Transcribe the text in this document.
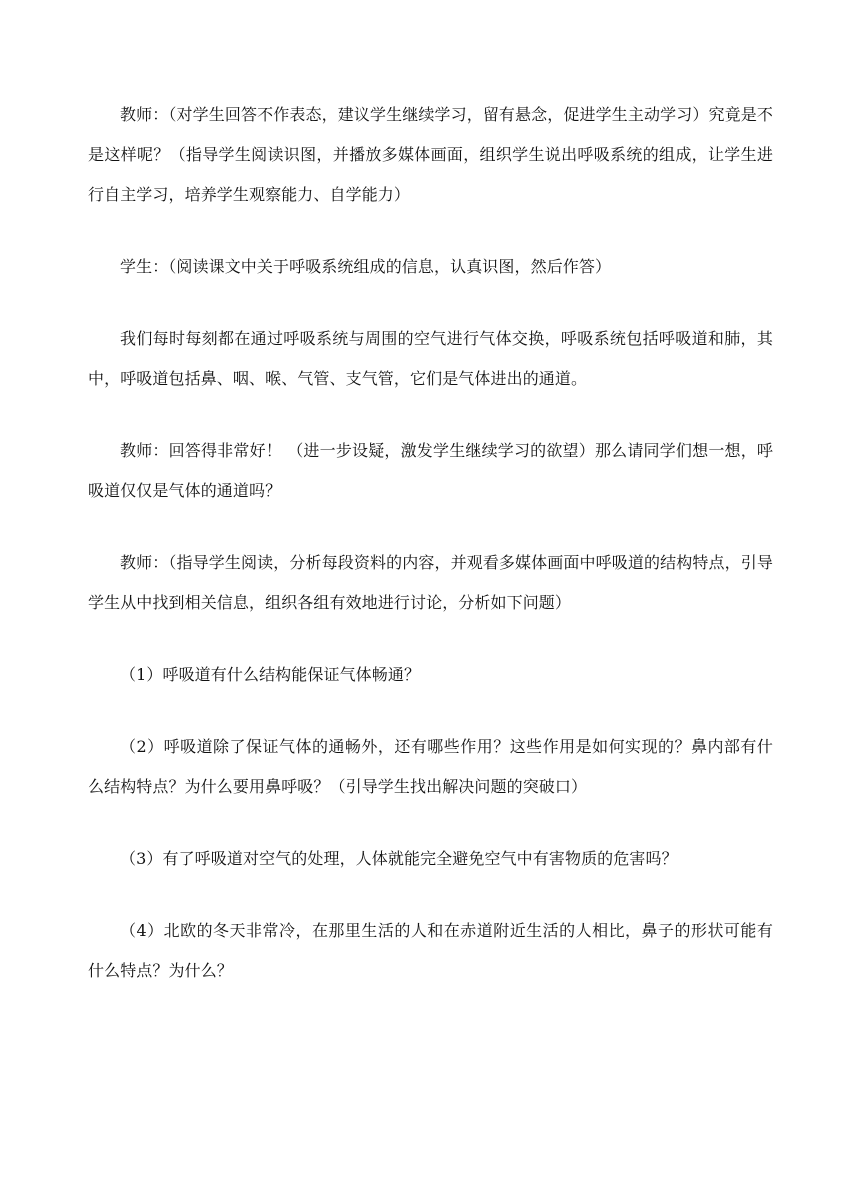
教师：（对学生回答不作表态，建议学生继续学习，留有悬念，促进学生主动学习）究竟是不是这样呢？（指导学生阅读识图，并播放多媒体画面，组织学生说出呼吸系统的组成，让学生进行自主学习，培养学生观察能力、自学能力）

学生：（阅读课文中关于呼吸系统组成的信息，认真识图，然后作答）

我们每时每刻都在通过呼吸系统与周围的空气进行气体交换，呼吸系统包括呼吸道和肺，其中，呼吸道包括鼻、咽、喉、气管、支气管，它们是气体进出的通道。

教师：回答得非常好！ （进一步设疑，激发学生继续学习的欲望）那么请同学们想一想，呼吸道仅仅是气体的通道吗？

教师：（指导学生阅读，分析每段资料的内容，并观看多媒体画面中呼吸道的结构特点，引导学生从中找到相关信息，组织各组有效地进行讨论，分析如下问题）

（1）呼吸道有什么结构能保证气体畅通？

（2）呼吸道除了保证气体的通畅外，还有哪些作用？这些作用是如何实现的？鼻内部有什么结构特点？为什么要用鼻呼吸？（引导学生找出解决问题的突破口）

（3）有了呼吸道对空气的处理，人体就能完全避免空气中有害物质的危害吗？

（4）北欧的冬天非常冷，在那里生活的人和在赤道附近生活的人相比，鼻子的形状可能有什么特点？为什么？
